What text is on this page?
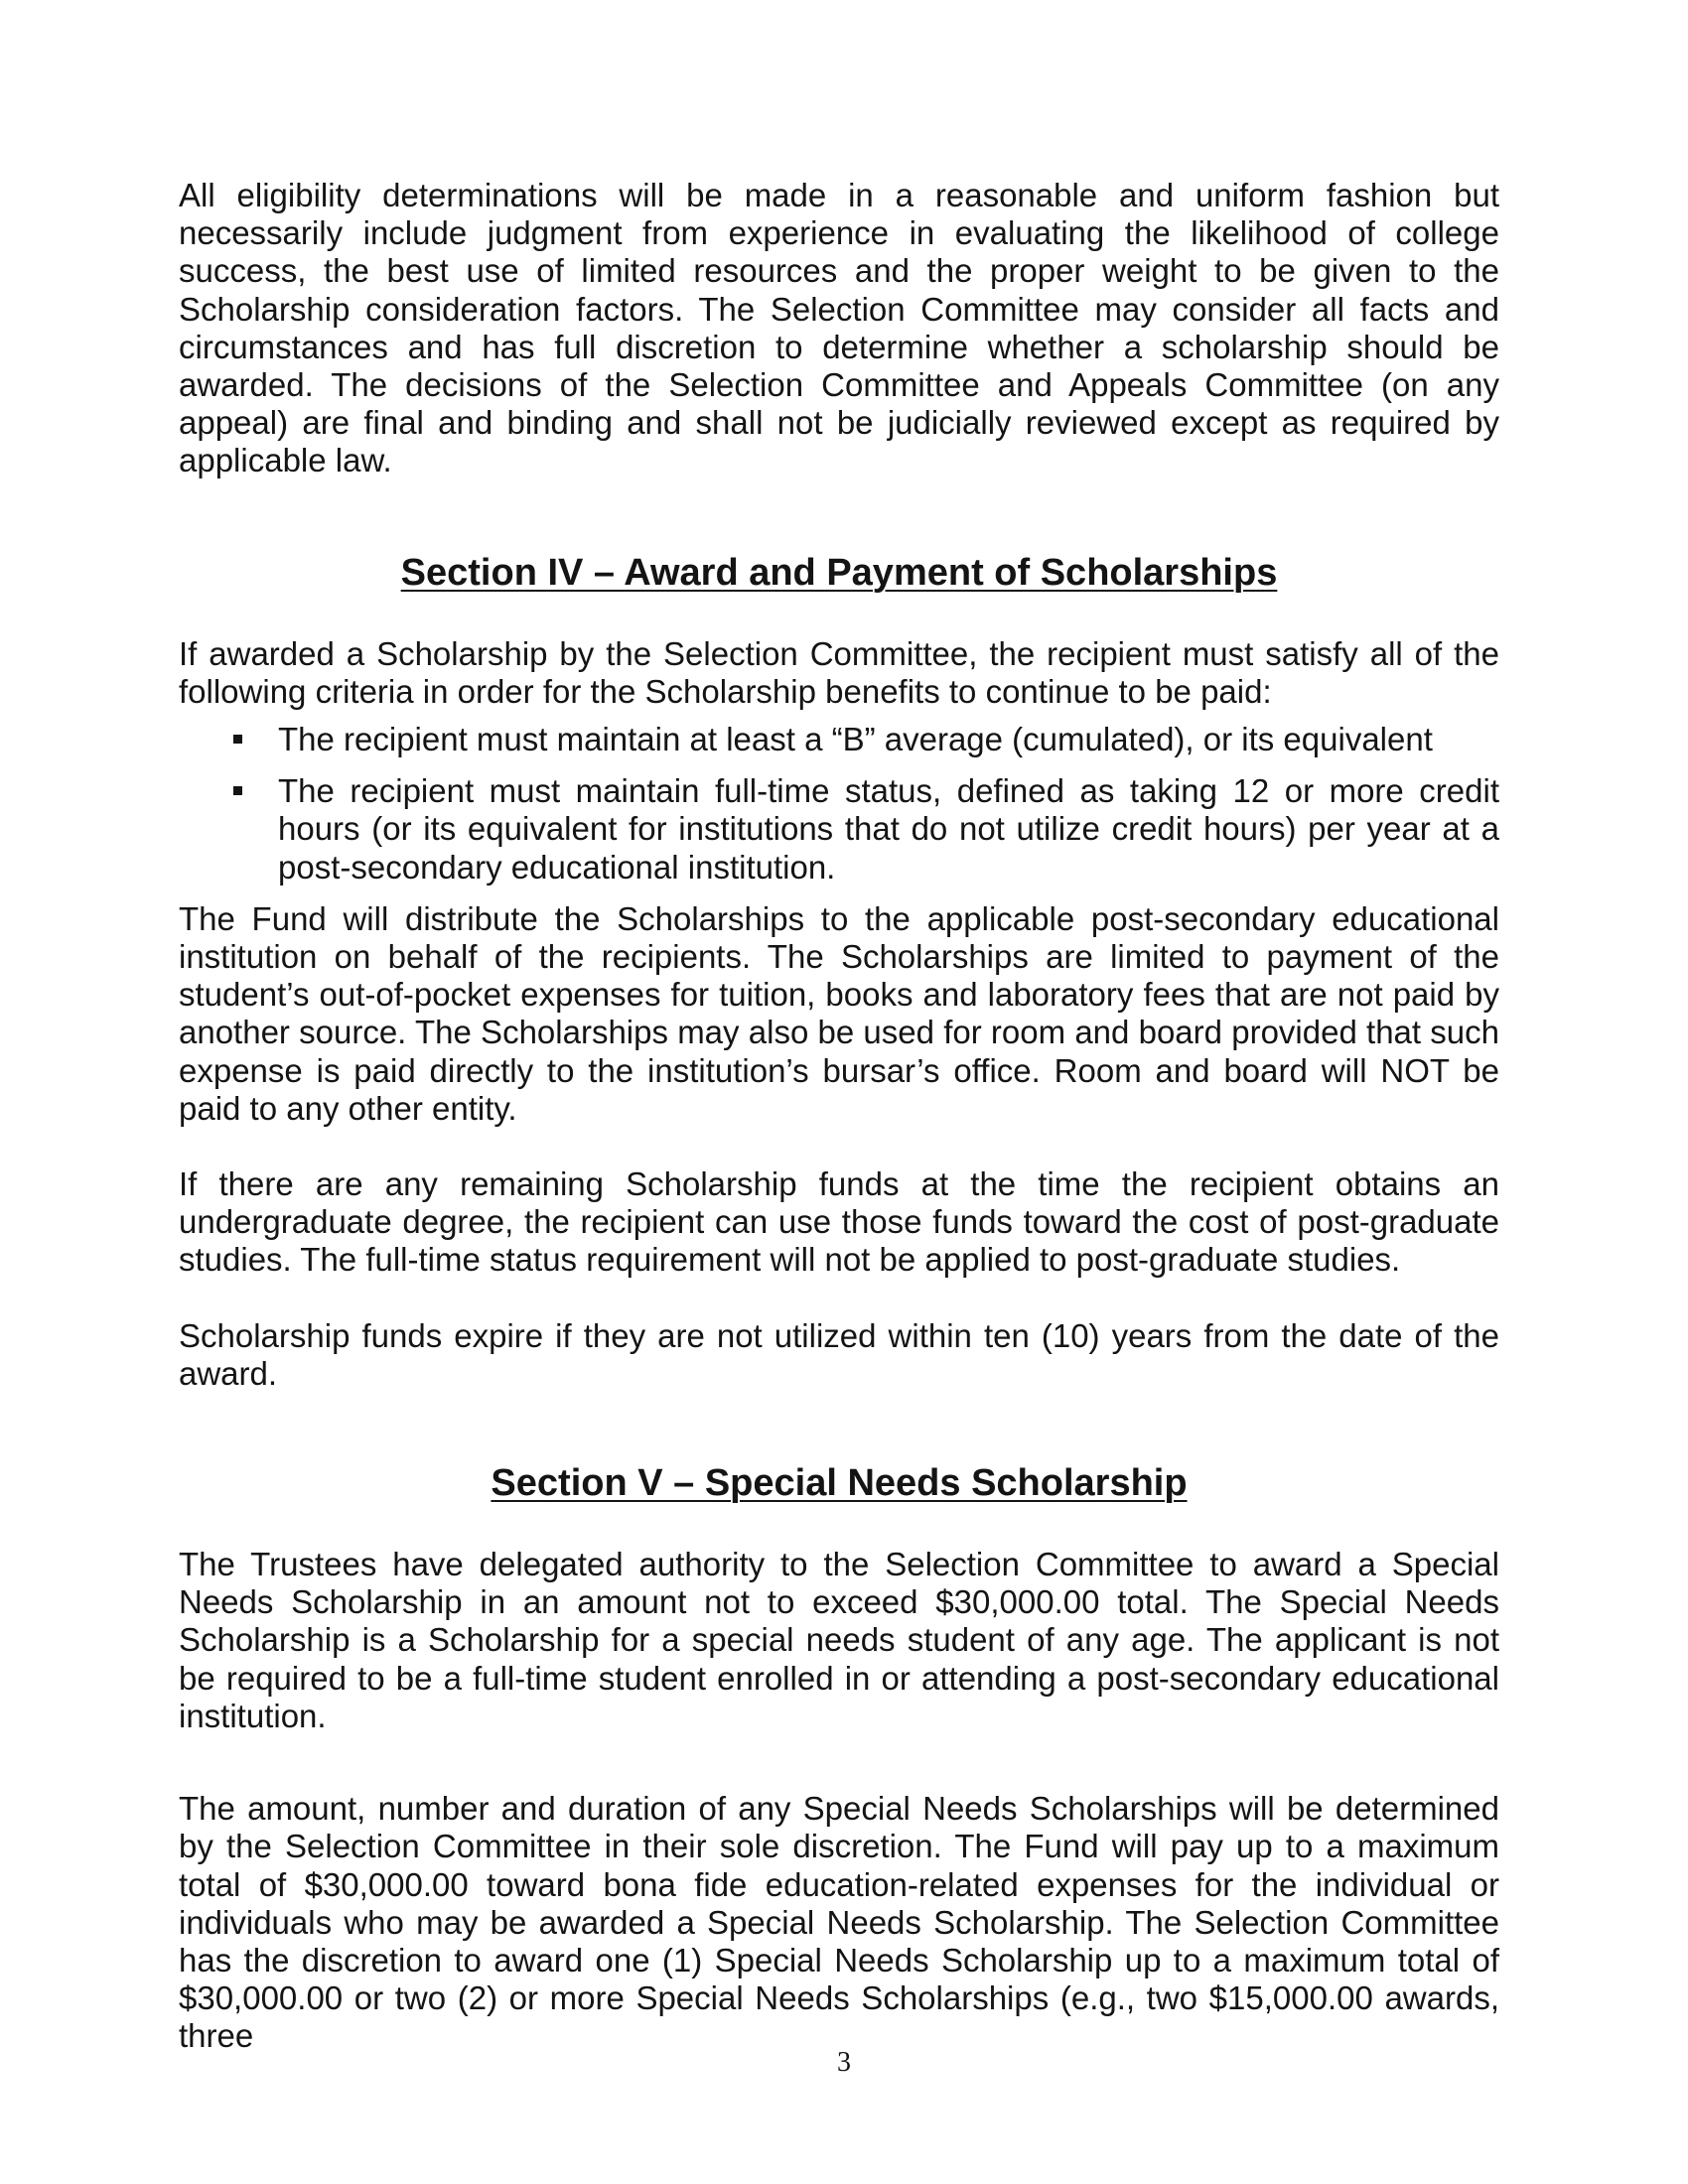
All eligibility determinations will be made in a reasonable and uniform fashion but necessarily include judgment from experience in evaluating the likelihood of college success, the best use of limited resources and the proper weight to be given to the Scholarship consideration factors. The Selection Committee may consider all facts and circumstances and has full discretion to determine whether a scholarship should be awarded. The decisions of the Selection Committee and Appeals Committee (on any appeal) are final and binding and shall not be judicially reviewed except as required by applicable law.

Section IV – Award and Payment of Scholarships

If awarded a Scholarship by the Selection Committee, the recipient must satisfy all of the following criteria in order for the Scholarship benefits to continue to be paid:

The recipient must maintain at least a “B” average (cumulated), or its equivalent
The recipient must maintain full-time status, defined as taking 12 or more credit hours (or its equivalent for institutions that do not utilize credit hours) per year at a post-secondary educational institution.

The Fund will distribute the Scholarships to the applicable post-secondary educational institution on behalf of the recipients. The Scholarships are limited to payment of the student’s out-of-pocket expenses for tuition, books and laboratory fees that are not paid by another source. The Scholarships may also be used for room and board provided that such expense is paid directly to the institution’s bursar’s office. Room and board will NOT be paid to any other entity.

If there are any remaining Scholarship funds at the time the recipient obtains an undergraduate degree, the recipient can use those funds toward the cost of post-graduate studies. The full-time status requirement will not be applied to post-graduate studies.

Scholarship funds expire if they are not utilized within ten (10) years from the date of the award.

Section V – Special Needs Scholarship

The Trustees have delegated authority to the Selection Committee to award a Special Needs Scholarship in an amount not to exceed $30,000.00 total. The Special Needs Scholarship is a Scholarship for a special needs student of any age. The applicant is not be required to be a full-time student enrolled in or attending a post-secondary educational institution.

The amount, number and duration of any Special Needs Scholarships will be determined by the Selection Committee in their sole discretion. The Fund will pay up to a maximum total of $30,000.00 toward bona fide education-related expenses for the individual or individuals who may be awarded a Special Needs Scholarship. The Selection Committee has the discretion to award one (1) Special Needs Scholarship up to a maximum total of $30,000.00 or two (2) or more Special Needs Scholarships (e.g., two $15,000.00 awards, three

3
